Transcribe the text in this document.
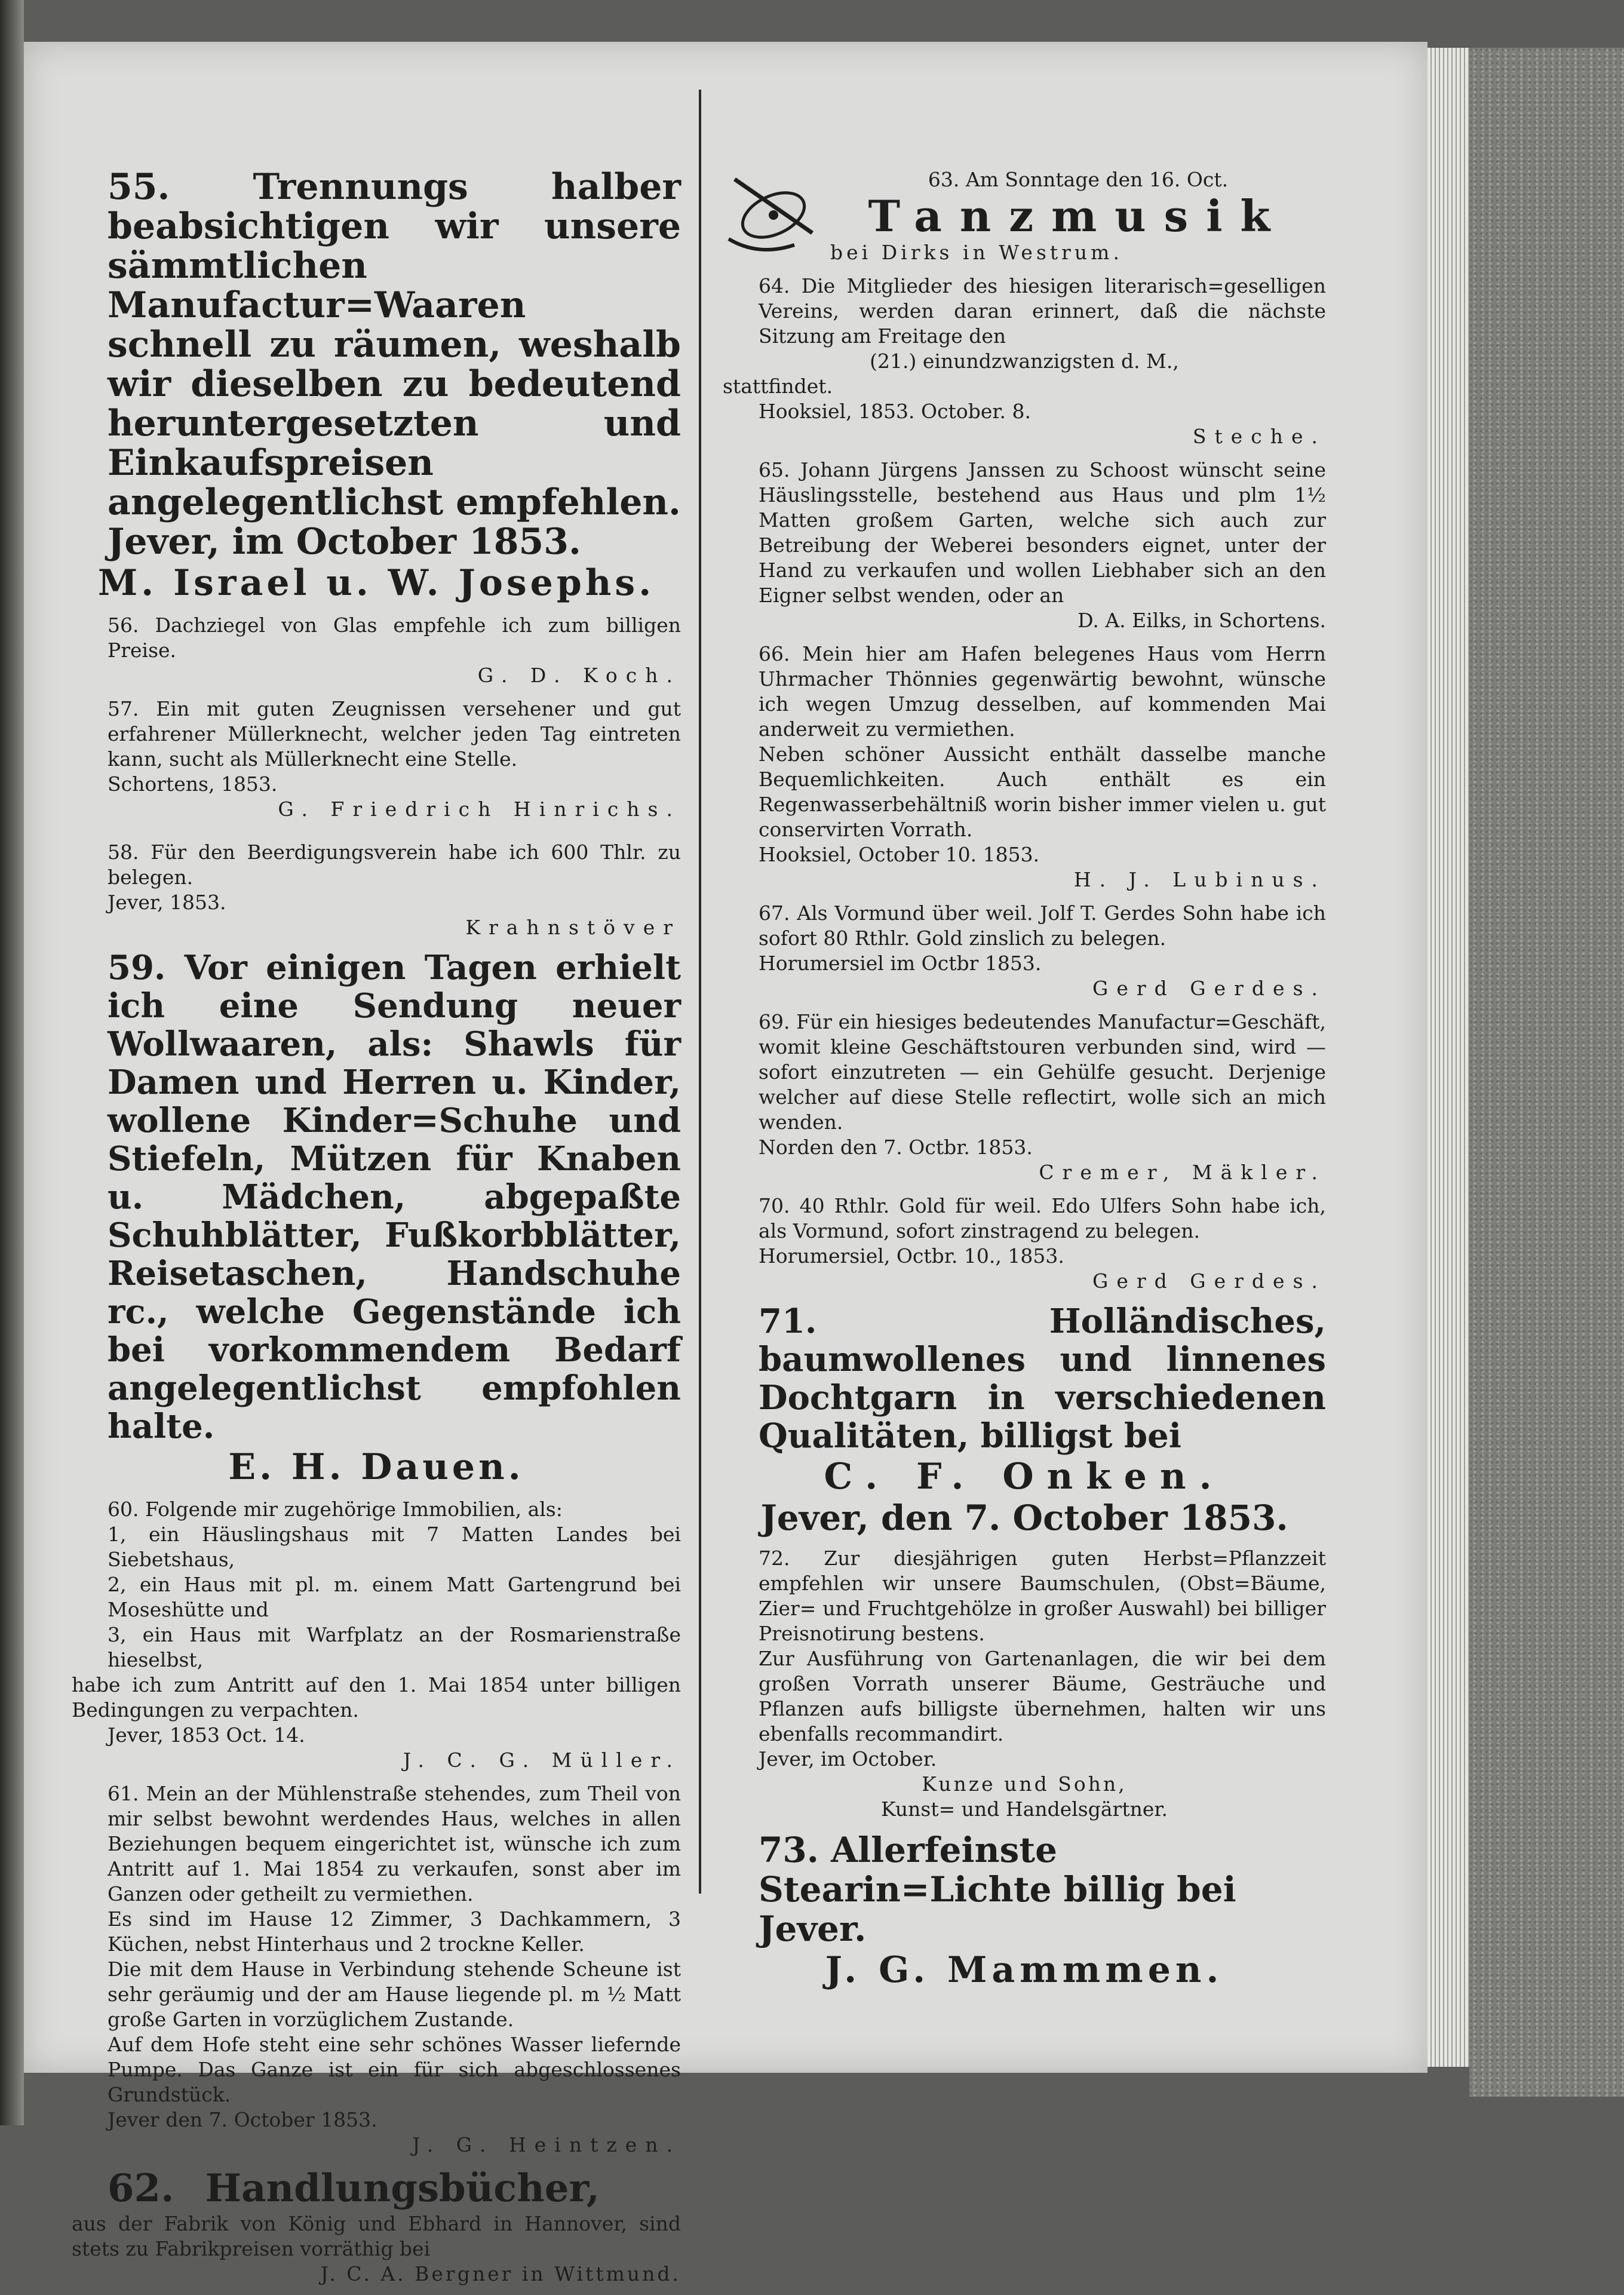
55. Trennungs halber beabsichtigen wir unsere sämmtlichen Manufactur=Waaren schnell zu räumen, weshalb wir dieselben zu bedeutend heruntergesetzten und Einkaufspreisen angelegentlichst empfehlen.

Jever, im October 1853.

M. Israel u. W. Josephs.

56. Dachziegel von Glas empfehle ich zum billigen Preise.

G. D. Koch.

57. Ein mit guten Zeugnissen versehener und gut erfahrener Müllerknecht, welcher jeden Tag eintreten kann, sucht als Müllerknecht eine Stelle.

Schortens, 1853.

G. Friedrich Hinrichs.

58. Für den Beerdigungsverein habe ich 600 Thlr. zu belegen.

Jever, 1853.

Krahnstöver

59. Vor einigen Tagen erhielt ich eine Sendung neuer Wollwaaren, als: Shawls für Damen und Herren u. Kinder, wollene Kinder=Schuhe und Stiefeln, Mützen für Knaben u. Mädchen, abgepaßte Schuhblätter, Fußkorbblätter, Reisetaschen, Handschuhe rc., welche Gegenstände ich bei vorkommendem Bedarf angelegentlichst empfohlen halte.

E. H. Dauen.

60. Folgende mir zugehörige Immobilien, als:

1, ein Häuslingshaus mit 7 Matten Landes bei Siebetshaus,

2, ein Haus mit pl. m. einem Matt Gartengrund bei Moseshütte und

3, ein Haus mit Warfplatz an der Rosmarienstraße hieselbst,

habe ich zum Antritt auf den 1. Mai 1854 unter billigen Bedingungen zu verpachten.

Jever, 1853 Oct. 14.

J. C. G. Müller.

61. Mein an der Mühlenstraße stehendes, zum Theil von mir selbst bewohnt werdendes Haus, welches in allen Beziehungen bequem eingerichtet ist, wünsche ich zum Antritt auf 1. Mai 1854 zu verkaufen, sonst aber im Ganzen oder getheilt zu vermiethen.

Es sind im Hause 12 Zimmer, 3 Dachkammern, 3 Küchen, nebst Hinterhaus und 2 trockne Keller.

Die mit dem Hause in Verbindung stehende Scheune ist sehr geräumig und der am Hause liegende pl. m ½ Matt große Garten in vorzüglichem Zustande.

Auf dem Hofe steht eine sehr schönes Wasser liefernde Pumpe. Das Ganze ist ein für sich abgeschlossenes Grundstück.

Jever den 7. October 1853.

J. G. Heintzen.

62. Handlungsbücher,

aus der Fabrik von König und Ebhard in Hannover, sind stets zu Fabrikpreisen vorräthig bei

J. C. A. Bergner in Wittmund.

63. Am Sonntage den 16. Oct.

Tanzmusik

bei Dirks in Westrum.

64. Die Mitglieder des hiesigen literarisch=geselligen Vereins, werden daran erinnert, daß die nächste Sitzung am Freitage den

(21.) einundzwanzigsten d. M.,

stattfindet.

Hooksiel, 1853. October. 8.

Steche.

65. Johann Jürgens Janssen zu Schoost wünscht seine Häuslingsstelle, bestehend aus Haus und plm 1½ Matten großem Garten, welche sich auch zur Betreibung der Weberei besonders eignet, unter der Hand zu verkaufen und wollen Liebhaber sich an den Eigner selbst wenden, oder an

D. A. Eilks, in Schortens.

66. Mein hier am Hafen belegenes Haus vom Herrn Uhrmacher Thönnies gegenwärtig bewohnt, wünsche ich wegen Umzug desselben, auf kommenden Mai anderweit zu vermiethen.

Neben schöner Aussicht enthält dasselbe manche Bequemlichkeiten. Auch enthält es ein Regenwasserbehältniß worin bisher immer vielen u. gut conservirten Vorrath.

Hooksiel, October 10. 1853.

H. J. Lubinus.

67. Als Vormund über weil. Jolf T. Gerdes Sohn habe ich sofort 80 Rthlr. Gold zinslich zu belegen.

Horumersiel im Octbr 1853.

Gerd Gerdes.

69. Für ein hiesiges bedeutendes Manufactur=Geschäft, womit kleine Geschäftstouren verbunden sind, wird — sofort einzutreten — ein Gehülfe gesucht. Derjenige welcher auf diese Stelle reflectirt, wolle sich an mich wenden.

Norden den 7. Octbr. 1853.

Cremer, Mäkler.

70. 40 Rthlr. Gold für weil. Edo Ulfers Sohn habe ich, als Vormund, sofort zinstragend zu belegen.

Horumersiel, Octbr. 10., 1853.

Gerd Gerdes.

71. Holländisches, baumwollenes und linnenes Dochtgarn in verschiedenen Qualitäten, billigst bei

C. F. Onken.

Jever, den 7. October 1853.

72. Zur diesjährigen guten Herbst=Pflanzzeit empfehlen wir unsere Baumschulen, (Obst=Bäume, Zier= und Fruchtgehölze in großer Auswahl) bei billiger Preisnotirung bestens.

Zur Ausführung von Gartenanlagen, die wir bei dem großen Vorrath unserer Bäume, Gesträuche und Pflanzen aufs billigste übernehmen, halten wir uns ebenfalls recommandirt.

Jever, im October.

Kunze und Sohn,

Kunst= und Handelsgärtner.

73. Allerfeinste Stearin=Lichte billig bei Jever.

J. G. Mammmen.
